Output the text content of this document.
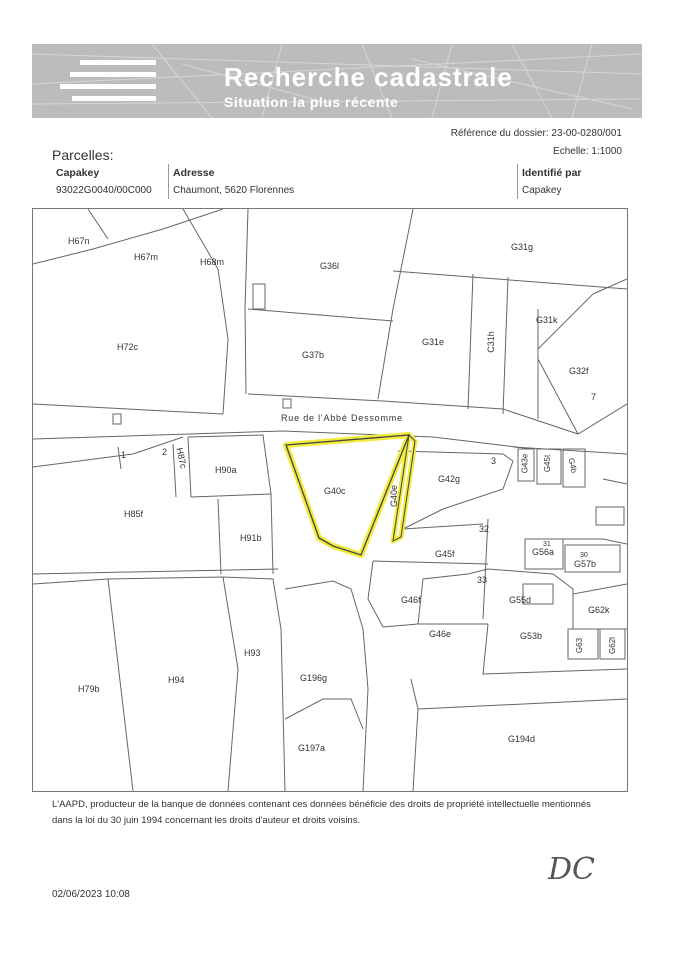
Recherche cadastrale
Situation la plus récente
Référence du dossier: 23-00-0280/001
Echelle: 1:1000
Parcelles:
Capakey	Adresse	Identifié par
93022G0040/00C000	Chaumont, 5620 Florennes	Capakey
H67n
H67m	H68m	G36l
G31g
H72c
G37b
G31e	C31h
G31k
G32f
7
Rue de l'Abbé Dessomme
1	2 H87c
H90a
G40c	G40e
3
G42g
G43e G45t G4b
H85f
H91b
32
G45f	G56a
31
30
G57b
33
G46f	G55d
G62k
G46e	G53b
G63	G62l
H93
H79b
H94	G196g
G197a
G194d
L'AAPD, producteur de la banque de données contenant ces données bénéficie des droits de propriété intellectuelle mentionnés dans la loi du 30 juin 1994 concernant les droits d'auteur et droits voisins.
DC
02/06/2023 10:08
